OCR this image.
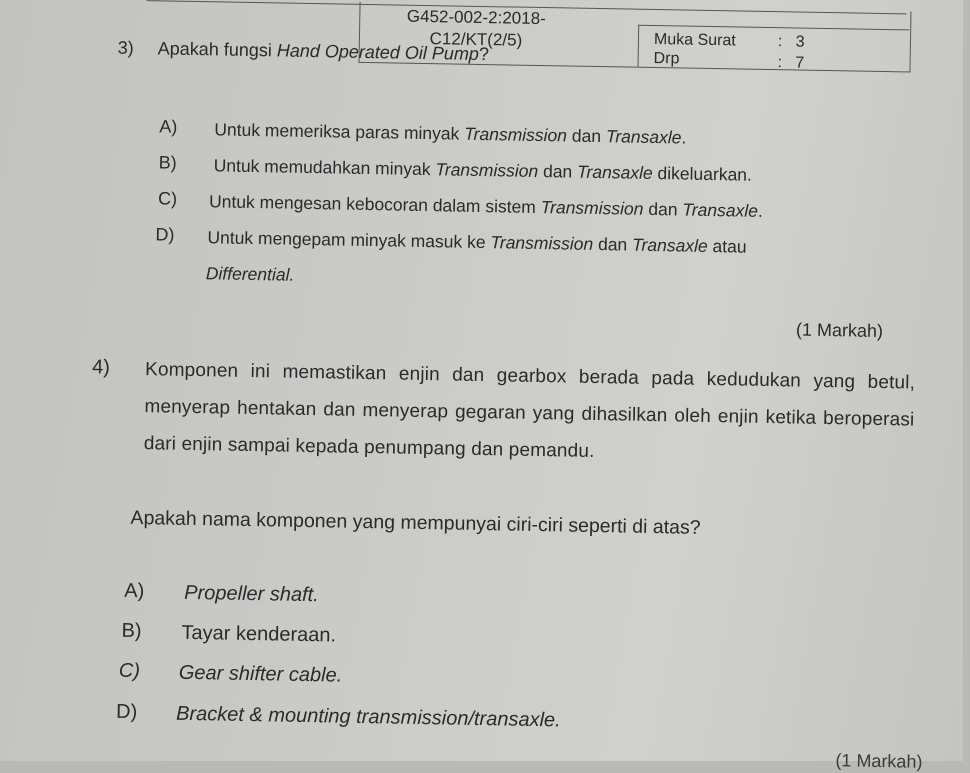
G452-002-2:2018-
C12/KT(2/5)	Muka Surat	: 3
Drp	: 7
3) Apakah fungsi Hand Operated Oil Pump?
A) Untuk memeriksa paras minyak Transmission dan Transaxle.
B) Untuk memudahkan minyak Transmission dan Transaxle dikeluarkan.
C) Untuk mengesan kebocoran dalam sistem Transmission dan Transaxle.
D) Untuk mengepam minyak masuk ke Transmission dan Transaxle atau
Differential.
(1 Markah)
4) Komponen ini memastikan enjin dan gearbox berada pada kedudukan yang betul, menyerap hentakan dan menyerap gegaran yang dihasilkan oleh enjin ketika beroperasi dari enjin sampai kepada penumpang dan pemandu.
Apakah nama komponen yang mempunyai ciri-ciri seperti di atas?
A) Propeller shaft.
B) Tayar kenderaan.
C) Gear shifter cable.
D) Bracket & mounting transmission/transaxle.
(1 Markah)
